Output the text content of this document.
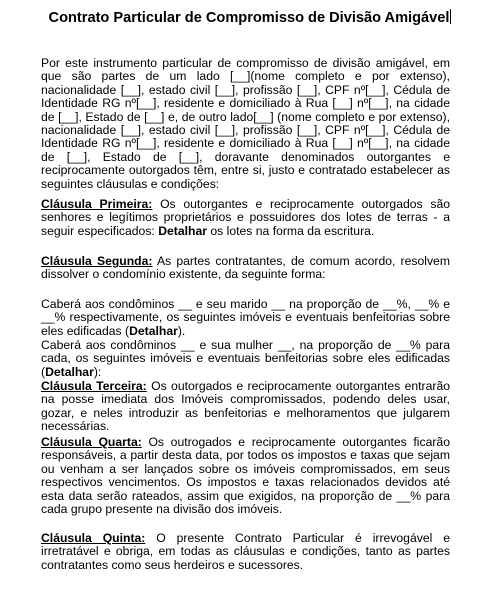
Contrato Particular de Compromisso de Divisão Amigável

Por este instrumento particular de compromisso de divisão amigável, em que são partes de um lado [__](nome completo e por extenso), nacionalidade [__], estado civil [__], profissão [__], CPF nº[__], Cédula de Identidade RG nº[__], residente e domiciliado à Rua [__] nº[__], na cidade de [__], Estado de [__] e, de outro lado[__] (nome completo e por extenso), nacionalidade [__], estado civil [__], profissão [__], CPF nº[__], Cédula de Identidade RG nº[__], residente e domiciliado à Rua [__] nº[__], na cidade de [__], Estado de [__], doravante denominados outorgantes e reciprocamente outorgados têm, entre si, justo e contratado estabelecer as seguintes cláusulas e condições:

Cláusula Primeira: Os outorgantes e reciprocamente outorgados são senhores e legítimos proprietários e possuidores dos lotes de terras - a seguir especificados: Detalhar os lotes na forma da escritura.

Cláusula Segunda: As partes contratantes, de comum acordo, resolvem dissolver o condomínio existente, da seguinte forma:

Caberá aos condôminos __ e seu marido __ na proporção de __%, __% e __% respectivamente, os seguintes imóveis e eventuais benfeitorias sobre eles edificadas (Detalhar).

Caberá aos condôminos __ e sua mulher __, na proporção de __% para cada, os seguintes imóveis e eventuais benfeitorias sobre eles edificadas (Detalhar):

Cláusula Terceira: Os outorgados e reciprocamente outorgantes entrarão na posse imediata dos Imóveis compromissados, podendo deles usar, gozar, e neles introduzir as benfeitorias e melhoramentos que julgarem necessárias.

Cláusula Quarta: Os outrogados e reciprocamente outorgantes ficarão responsáveis, a partir desta data, por todos os impostos e taxas que sejam ou venham a ser lançados sobre os imóveis compromissados, em seus respectivos vencimentos. Os impostos e taxas relacionados devidos até esta data serão rateados, assim que exigidos, na proporção de __% para cada grupo presente na divisão dos imóveis.

Cláusula Quinta: O presente Contrato Particular é irrevogável e irretratável e obriga, em todas as cláusulas e condições, tanto as partes contratantes como seus herdeiros e sucessores.
